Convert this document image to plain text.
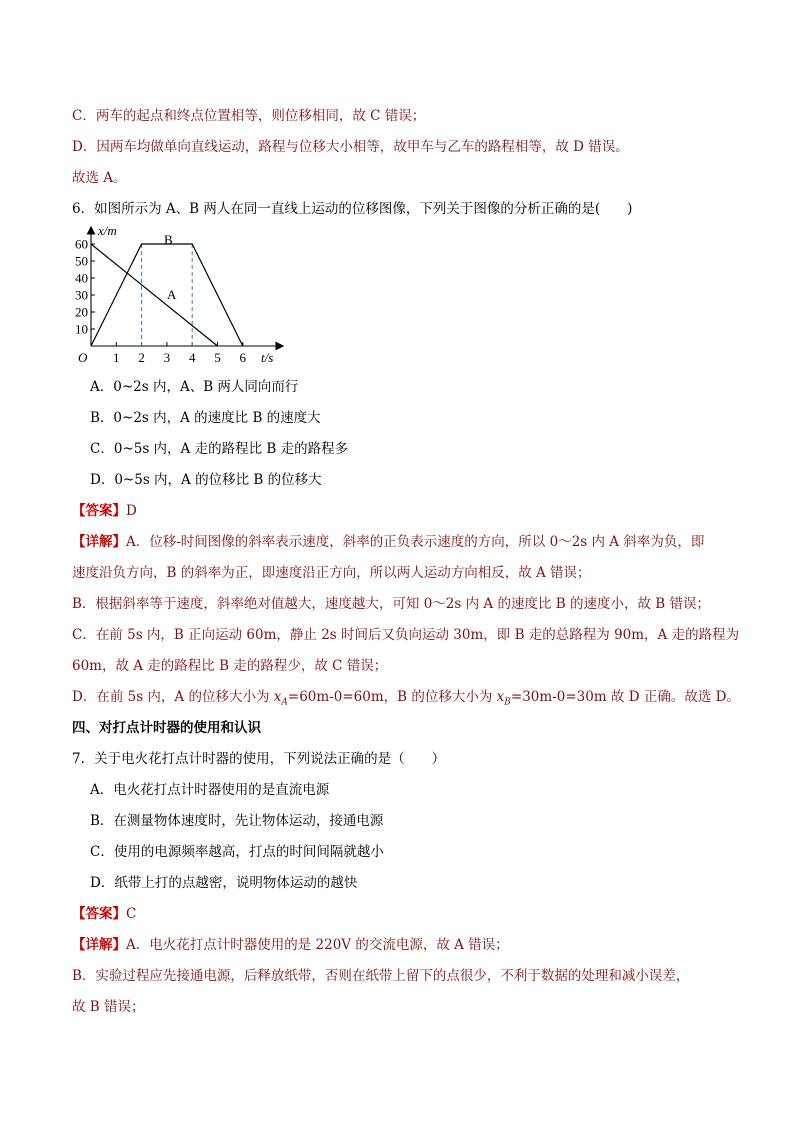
C．两车的起点和终点位置相等，则位移相同，故 C 错误；
D．因两车均做单向直线运动，路程与位移大小相等，故甲车与乙车的路程相等，故 D 错误。
故选 A。
6．如图所示为 A、B 两人在同一直线上运动的位移图像，下列关于图像的分析正确的是(　　)
1 2 3 4 5 6
10
20
30
40
50
60
x/m
t/s
O
B
A
A．0~2s 内，A、B 两人同向而行
B．0~2s 内，A 的速度比 B 的速度大
C．0~5s 内，A 走的路程比 B 走的路程多
D．0~5s 内，A 的位移比 B 的位移大
【答案】D
【详解】A．位移-时间图像的斜率表示速度，斜率的正负表示速度的方向，所以 0～2s 内 A 斜率为负，即
速度沿负方向，B 的斜率为正，即速度沿正方向，所以两人运动方向相反，故 A 错误；
B．根据斜率等于速度，斜率绝对值越大，速度越大，可知 0～2s 内 A 的速度比 B 的速度小，故 B 错误；
C．在前 5s 内，B 正向运动 60m，静止 2s 时间后又负向运动 30m，即 B 走的总路程为 90m，A 走的路程为
60m，故 A 走的路程比 B 走的路程少，故 C 错误；
D．在前 5s 内，A 的位移大小为 $x_A=60m-0=60m$，B 的位移大小为 $x_B=30m-0=30m$ 故 D 正确。故选 D。
四、对打点计时器的使用和认识
7．关于电火花打点计时器的使用，下列说法正确的是（　　）
A．电火花打点计时器使用的是直流电源
B．在测量物体速度时，先让物体运动，接通电源
C．使用的电源频率越高，打点的时间间隔就越小
D．纸带上打的点越密，说明物体运动的越快
【答案】C
【详解】A．电火花打点计时器使用的是 220V 的交流电源，故 A 错误；
B．实验过程应先接通电源，后释放纸带，否则在纸带上留下的点很少，不利于数据的处理和减小误差，
故 B 错误；
